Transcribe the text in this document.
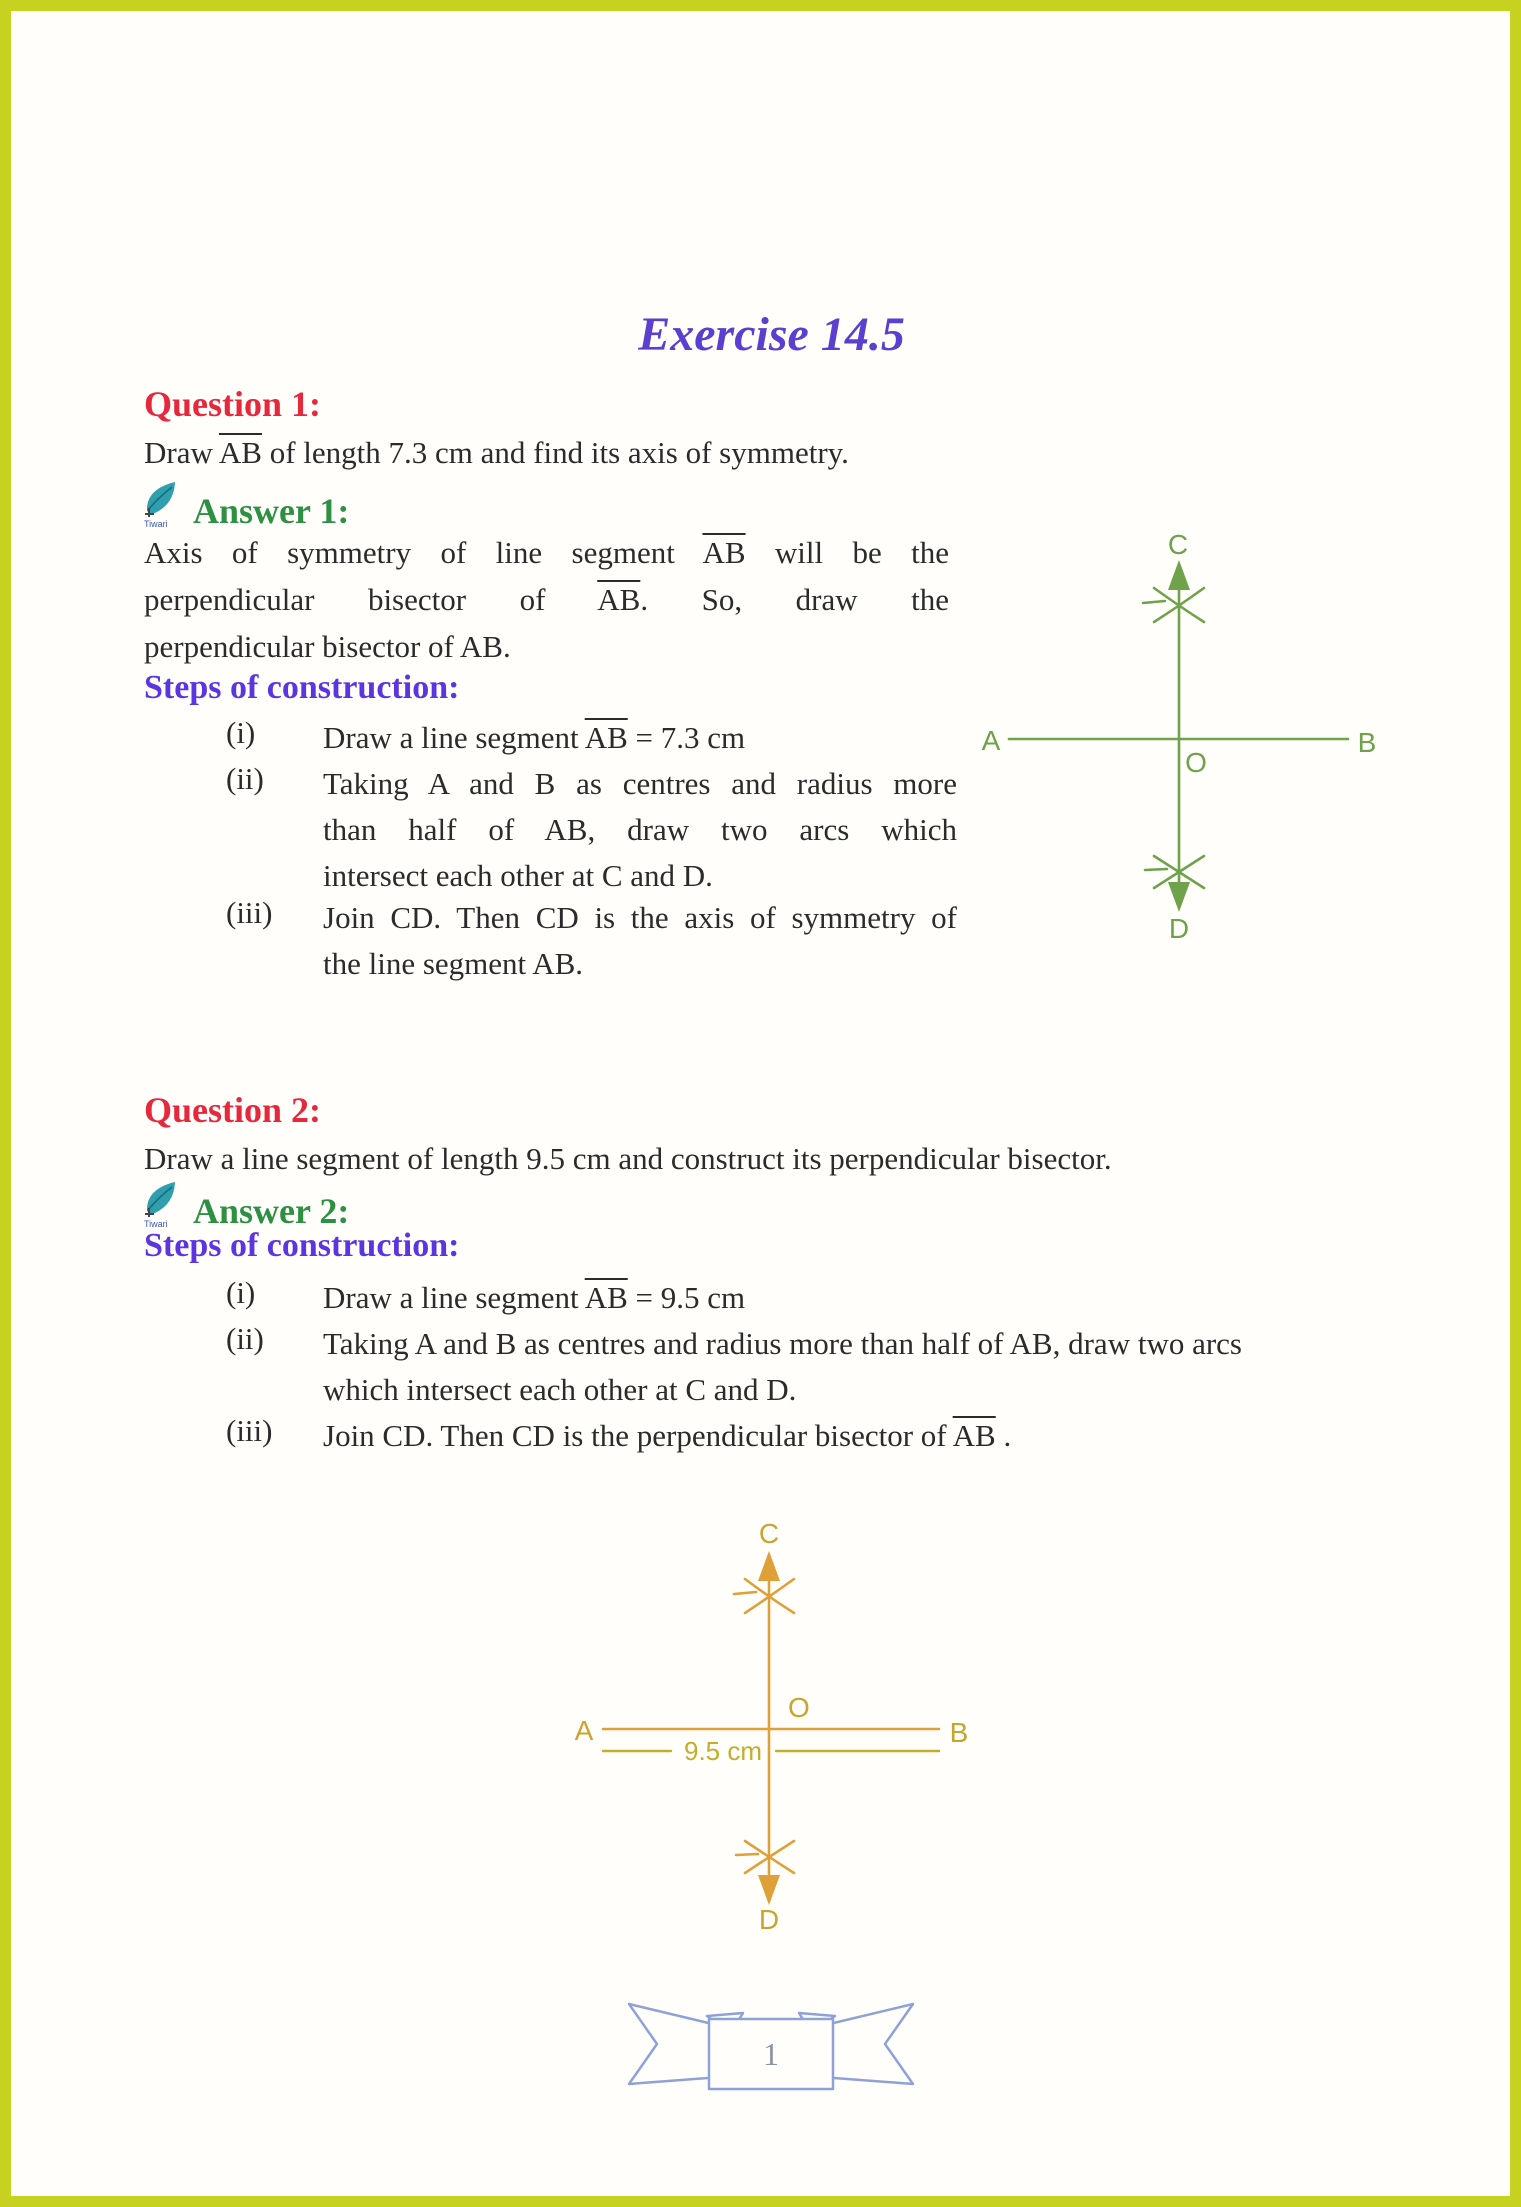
Exercise 14.5
Question 1:
Draw $\overline{AB}$ of length 7.3 cm and find its axis of symmetry.
Tiwari Answer 1:
Axis of symmetry of line segment $\overline{AB}$ will be the
perpendicular bisector of $\overline{AB}$. So, draw the
perpendicular bisector of AB.
Steps of construction:
(i) Draw a line segment $\overline{AB} = 7.3$ cm
(ii) Taking A and B as centres and radius more
than half of AB, draw two arcs which
intersect each other at C and D.
(iii) Join CD. Then CD is the axis of symmetry of
the line segment AB.
A	B
C
D
O
Question 2:
Draw a line segment of length 9.5 cm and construct its perpendicular bisector.
Tiwari Answer 2:
Steps of construction:
(i) Draw a line segment $\overline{AB} = 9.5$ cm
(ii) Taking A and B as centres and radius more than half of AB, draw two arcs
which intersect each other at C and D.
(iii) Join CD. Then CD is the perpendicular bisector of $\overline{AB}$ .
A	B
C
D
O
9.5 cm
1
